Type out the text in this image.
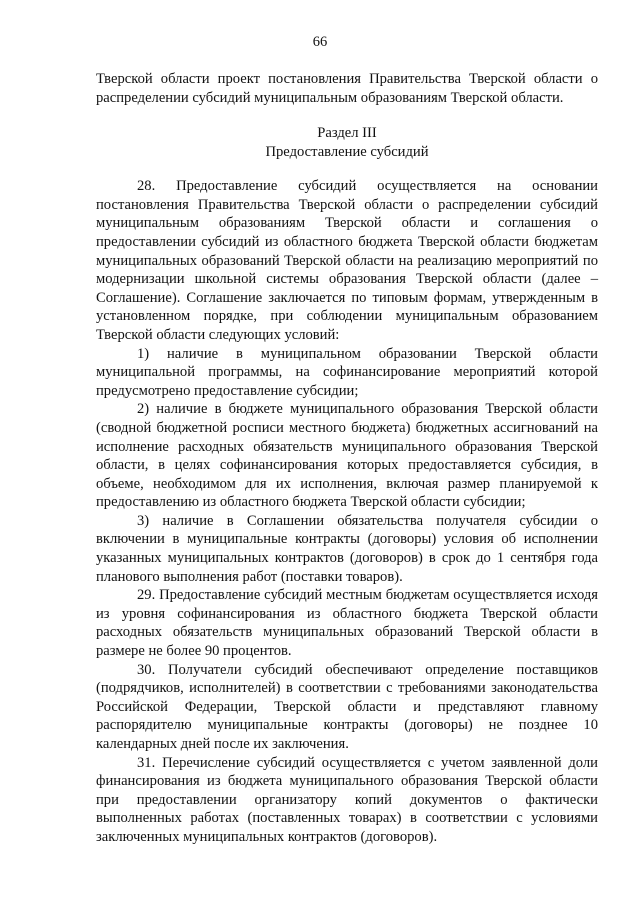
66

Тверской области проект постановления Правительства Тверской области о распределении субсидий муниципальным образованиям Тверской области.

Раздел III
Предоставление субсидий

28. Предоставление субсидий осуществляется на основании постановления Правительства Тверской области о распределении субсидий муниципальным образованиям Тверской области и соглашения о предоставлении субсидий из областного бюджета Тверской области бюджетам муниципальных образований Тверской области на реализацию мероприятий по модернизации школьной системы образования Тверской области (далее – Соглашение). Соглашение заключается по типовым формам, утвержденным в установленном порядке, при соблюдении муниципальным образованием Тверской области следующих условий:

1) наличие в муниципальном образовании Тверской области муниципальной программы, на софинансирование мероприятий которой предусмотрено предоставление субсидии;

2) наличие в бюджете муниципального образования Тверской области (сводной бюджетной росписи местного бюджета) бюджетных ассигнований на исполнение расходных обязательств муниципального образования Тверской области, в целях софинансирования которых предоставляется субсидия, в объеме, необходимом для их исполнения, включая размер планируемой к предоставлению из областного бюджета Тверской области субсидии;

3) наличие в Соглашении обязательства получателя субсидии о включении в муниципальные контракты (договоры) условия об исполнении указанных муниципальных контрактов (договоров) в срок до 1 сентября года планового выполнения работ (поставки товаров).

29. Предоставление субсидий местным бюджетам осуществляется исходя из уровня софинансирования из областного бюджета Тверской области расходных обязательств муниципальных образований Тверской области в размере не более 90 процентов.

30. Получатели субсидий обеспечивают определение поставщиков (подрядчиков, исполнителей) в соответствии с требованиями законодательства Российской Федерации, Тверской области и представляют главному распорядителю муниципальные контракты (договоры) не позднее 10 календарных дней после их заключения.

31. Перечисление субсидий осуществляется с учетом заявленной доли финансирования из бюджета муниципального образования Тверской области при предоставлении организатору копий документов о фактически выполненных работах (поставленных товарах) в соответствии с условиями заключенных муниципальных контрактов (договоров).
